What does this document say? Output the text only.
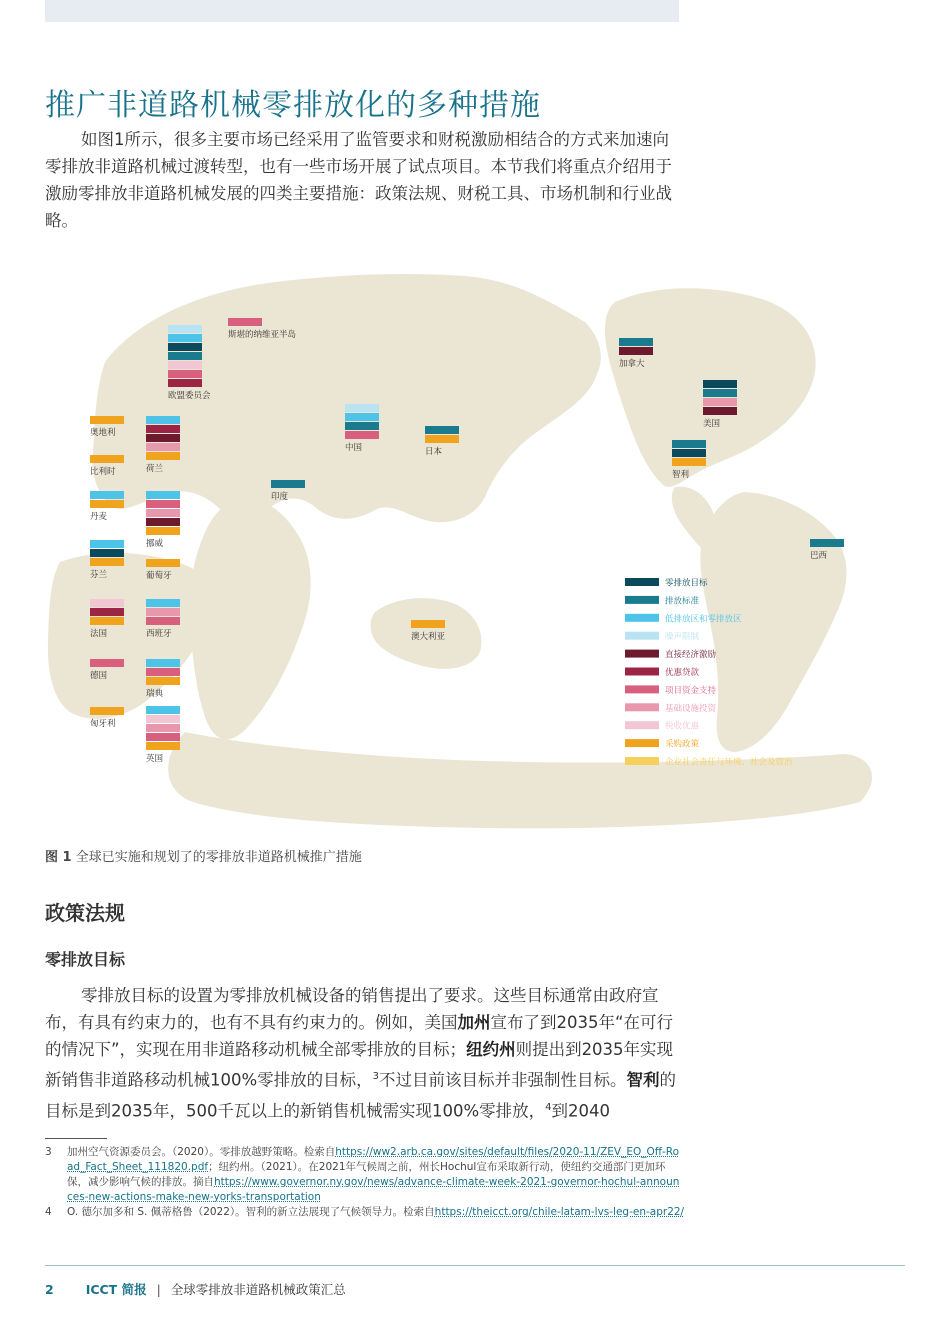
推广非道路机械零排放化的多种措施

如图1所示，很多主要市场已经采用了监管要求和财税激励相结合的方式来加速向零排放非道路机械过渡转型，也有一些市场开展了试点项目。本节我们将重点介绍用于激励零排放非道路机械发展的四类主要措施：政策法规、财税工具、市场机制和行业战略。

零排放目标
排放标准
低排放区和零排放区
噪声限制
直接经济激励
优惠贷款
项目资金支持
基础设施投资
税收优惠
采购政策
企业社会责任与环境、社会及管治
斯堪的纳维亚半岛
欧盟委员会
奥地利
比利时
丹麦
芬兰
法国
德国
匈牙利
荷兰
挪威
葡萄牙
西班牙
瑞典
英国
中国	日本
印度
澳大利亚
加拿大
美国
智利
巴西
图 1 全球已实施和规划了的零排放非道路机械推广措施
政策法规
零排放目标

零排放目标的设置为零排放机械设备的销售提出了要求。这些目标通常由政府宣布，有具有约束力的，也有不具有约束力的。例如，美国加州宣布了到2035年“在可行的情况下”，实现在用非道路移动机械全部零排放的目标；纽约州则提出到2035年实现新销售非道路移动机械100%零排放的目标，$^3$不过目前该目标并非强制性目标。智利的目标是到2035年，500千瓦以上的新销售机械需实现100%零排放，$^4$到2040

3 加州空气资源委员会。（2020）。零排放越野策略。检索自https://ww2.arb.ca.gov/sites/default/files/2020-11/ZEV_EO_Off-Road_Fact_Sheet_111820.pdf；纽约州。（2021）。在2021年气候周之前，州长Hochul宣布采取新行动，使纽约交通部门更加环保，减少影响气候的排放。摘自https://www.governor.ny.gov/news/advance-climate-week-2021-governor-hochul-announces-new-actions-make-new-yorks-transportation
4 O. 德尔加多和 S. 佩蒂格鲁（2022）。智利的新立法展现了气候领导力。检索自https://theicct.org/chile-latam-lvs-leg-en-apr22/
2	ICCT 简报 | 全球零排放非道路机械政策汇总
